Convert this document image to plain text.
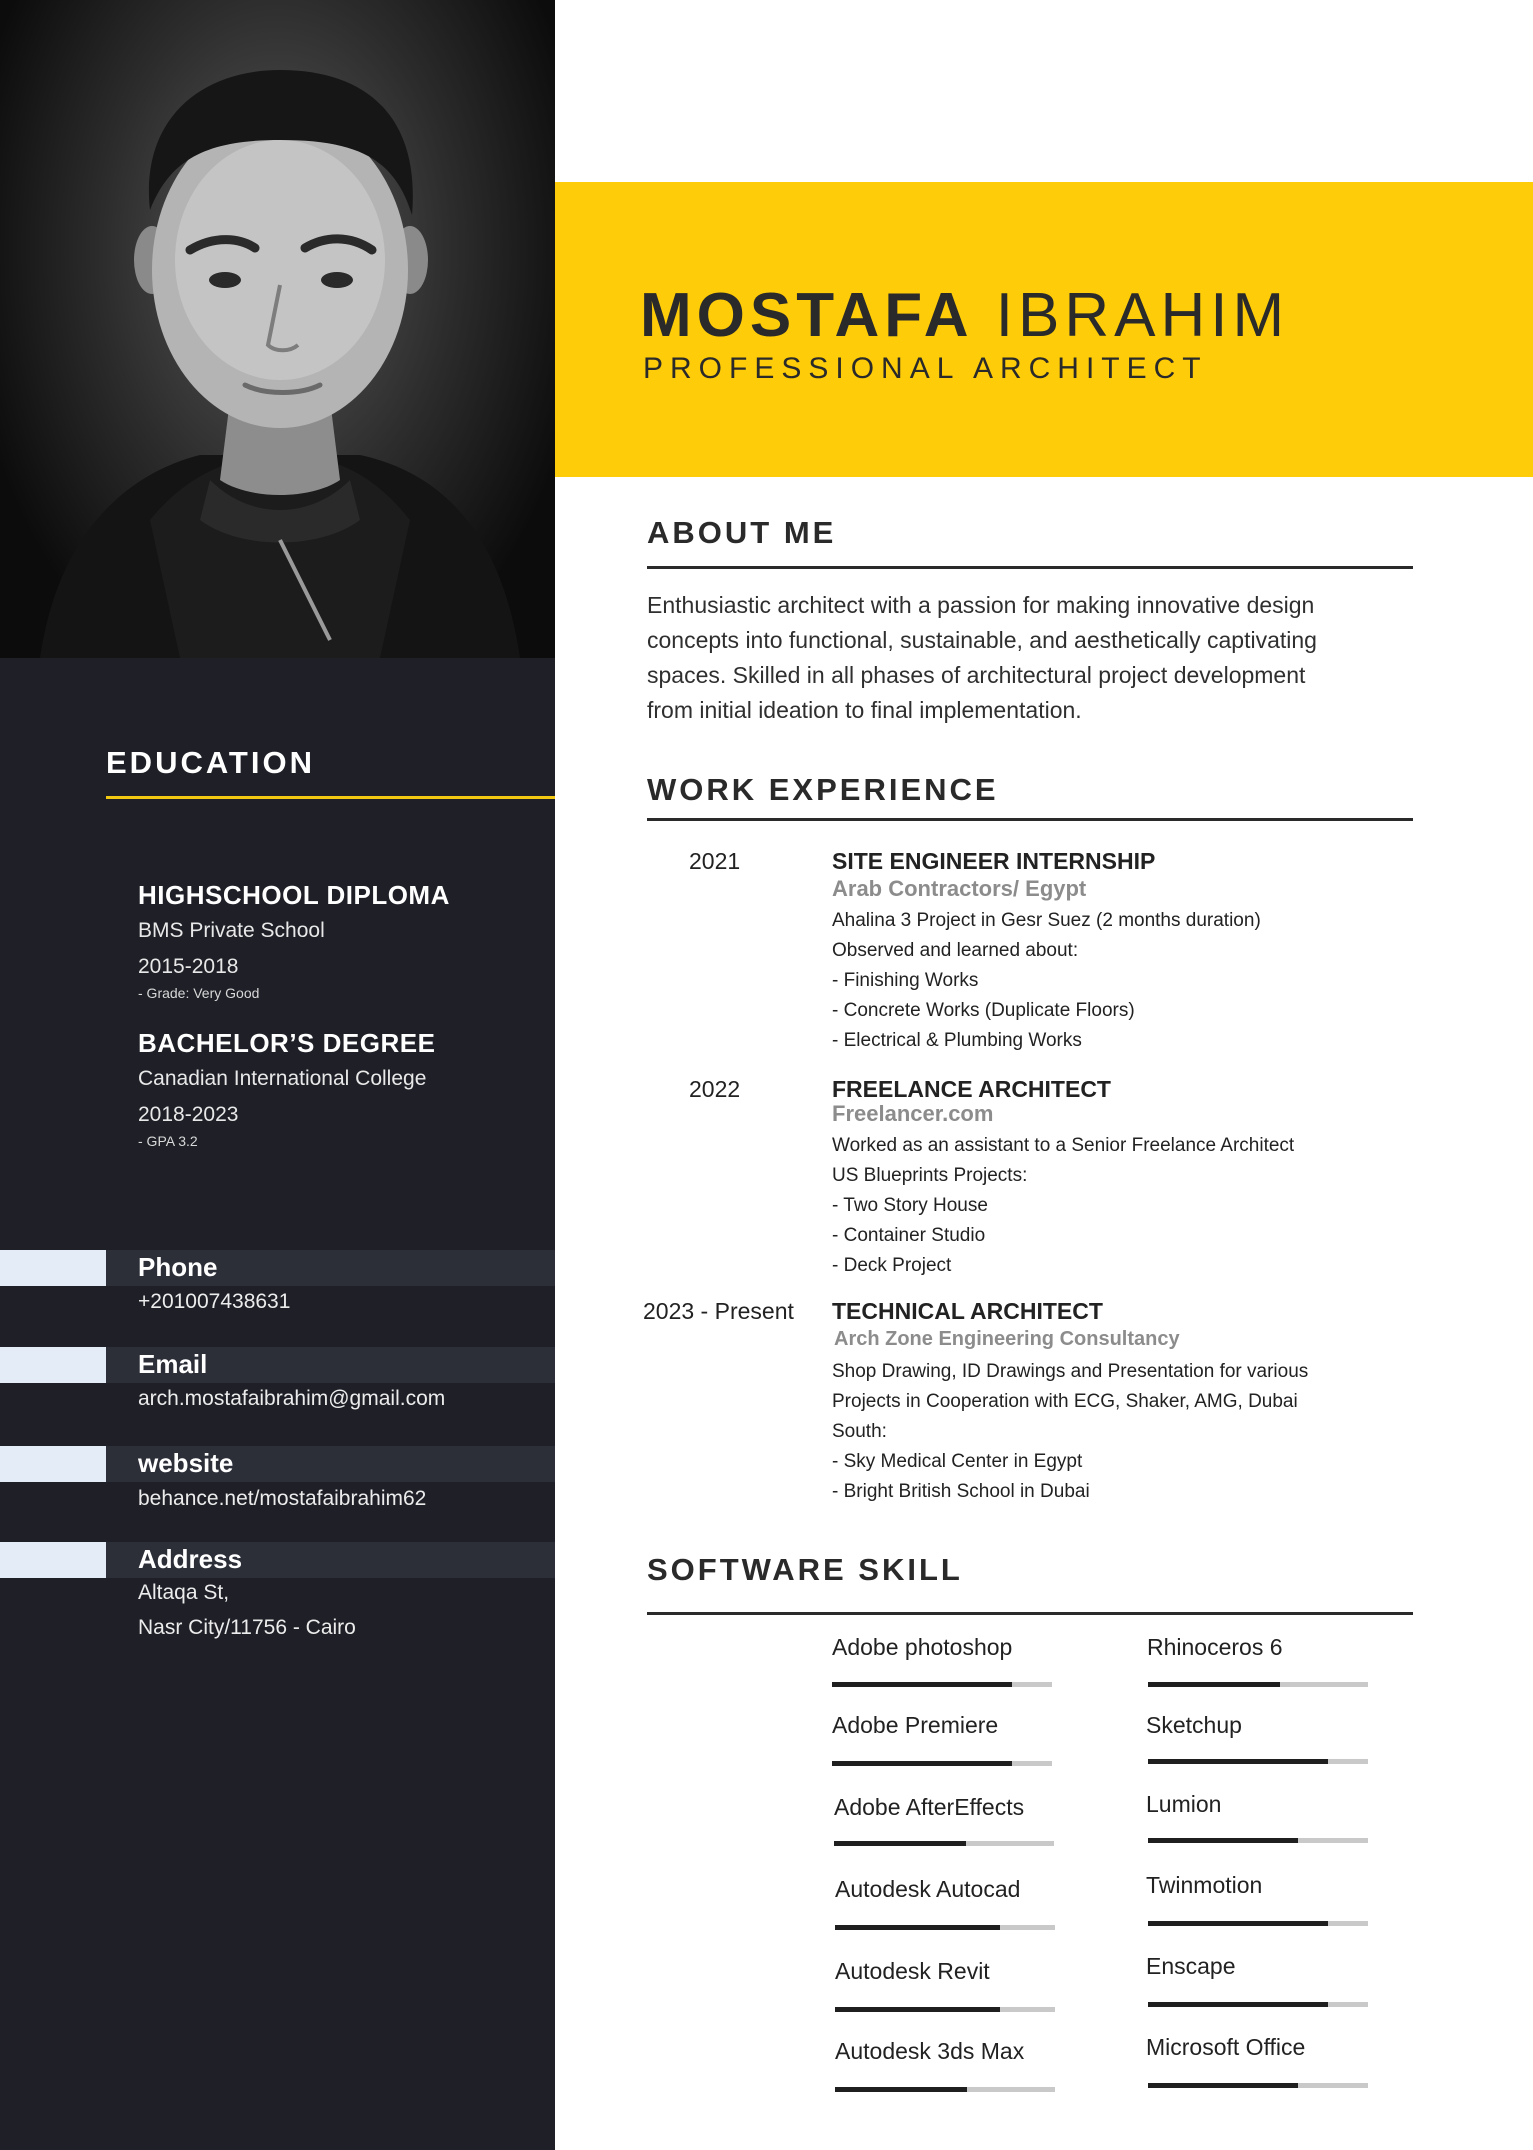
EDUCATION
HIGHSCHOOL DIPLOMA
BMS Private School
2015-2018
- Grade: Very Good
BACHELOR’S DEGREE
Canadian International College
2018-2023
- GPA 3.2
Phone
+201007438631
Email
arch.mostafaibrahim@gmail.com
website
behance.net/mostafaibrahim62
Address
Altaqa St,
Nasr City/11756 - Cairo
MOSTAFA IBRAHIM
PROFESSIONAL ARCHITECT
ABOUT ME
Enthusiastic architect with a passion for making innovative design
concepts into functional, sustainable, and aesthetically captivating
spaces. Skilled in all phases of architectural project development
from initial ideation to final implementation.
WORK EXPERIENCE
2021	SITE ENGINEER INTERNSHIP
Arab Contractors/ Egypt
Ahalina 3 Project in Gesr Suez (2 months duration)
Observed and learned about:
- Finishing Works
- Concrete Works (Duplicate Floors)
- Electrical & Plumbing Works
2022	FREELANCE ARCHITECT
Freelancer.com
Worked as an assistant to a Senior Freelance Architect
US Blueprints Projects:
- Two Story House
- Container Studio
- Deck Project
2023 - Present TECHNICAL ARCHITECT
Arch Zone Engineering Consultancy
Shop Drawing, ID Drawings and Presentation for various
Projects in Cooperation with ECG, Shaker, AMG, Dubai
South:
- Sky Medical Center in Egypt
- Bright British School in Dubai
SOFTWARE SKILL
Adobe photoshop
Adobe Premiere
Adobe AfterEffects
Autodesk Autocad
Autodesk Revit
Autodesk 3ds Max
Rhinoceros 6
Sketchup
Lumion
Twinmotion
Enscape
Microsoft Office
